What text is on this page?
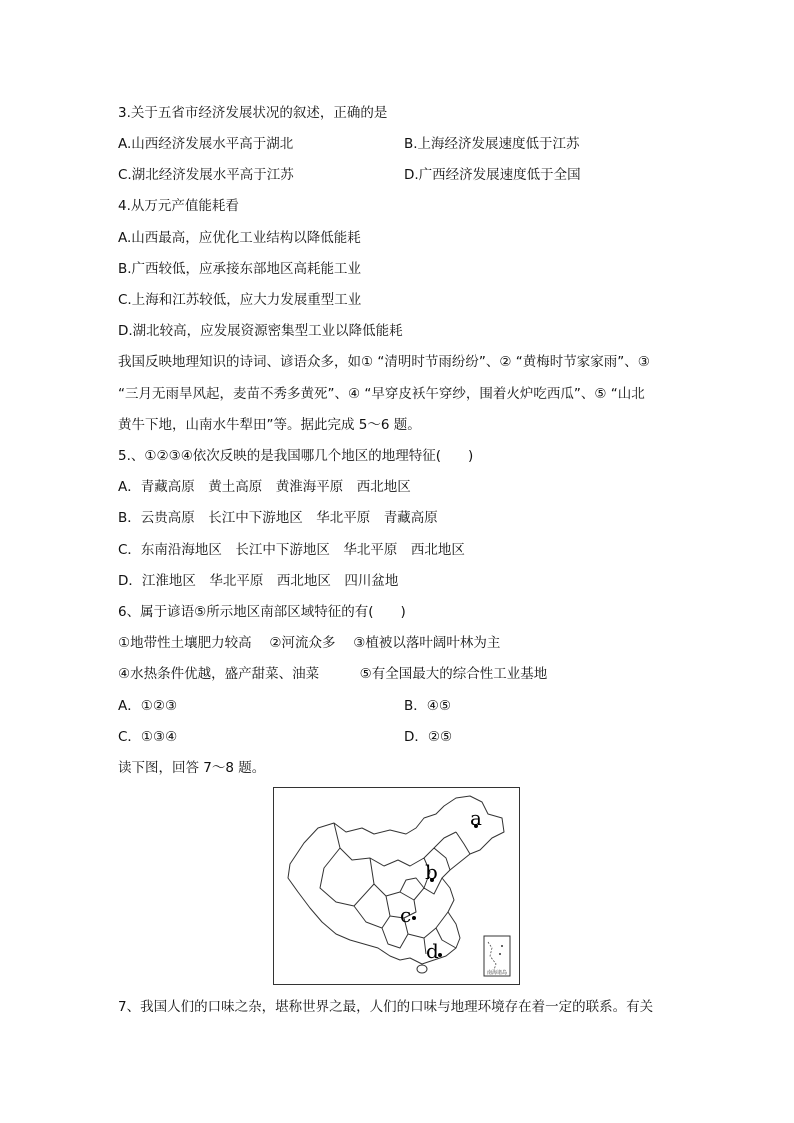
3.关于五省市经济发展状况的叙述，正确的是
A.山西经济发展水平高于湖北	B.上海经济发展速度低于江苏
C.湖北经济发展水平高于江苏	D.广西经济发展速度低于全国
4.从万元产值能耗看
A.山西最高，应优化工业结构以降低能耗
B.广西较低，应承接东部地区高耗能工业
C.上海和江苏较低，应大力发展重型工业
D.湖北较高，应发展资源密集型工业以降低能耗
我国反映地理知识的诗词、谚语众多，如① “清明时节雨纷纷”、② “黄梅时节家家雨”、③
“三月无雨旱风起，麦苗不秀多黄死”、④ “早穿皮袄午穿纱，围着火炉吃西瓜”、⑤ “山北
黄牛下地，山南水牛犁田”等。据此完成 5～6 题。
5.、①②③④依次反映的是我国哪几个地区的地理特征(　　)
A．青藏高原　黄土高原　黄淮海平原　西北地区
B．云贵高原　长江中下游地区　华北平原　青藏高原
C．东南沿海地区　长江中下游地区　华北平原　西北地区
D．江淮地区　华北平原　西北地区　四川盆地
6、属于谚语⑤所示地区南部区域特征的有(　　)
①地带性土壤肥力较高　 ②河流众多　 ③植被以落叶阔叶林为主
④水热条件优越，盛产甜菜、油菜　　　⑤有全国最大的综合性工业基地
A．①②③	B．④⑤
C．①③④	D．②⑤
读下图，回答 7～8 题。
南海诸岛
a
b
c
d
7、我国人们的口味之杂，堪称世界之最，人们的口味与地理环境存在着一定的联系。有关
